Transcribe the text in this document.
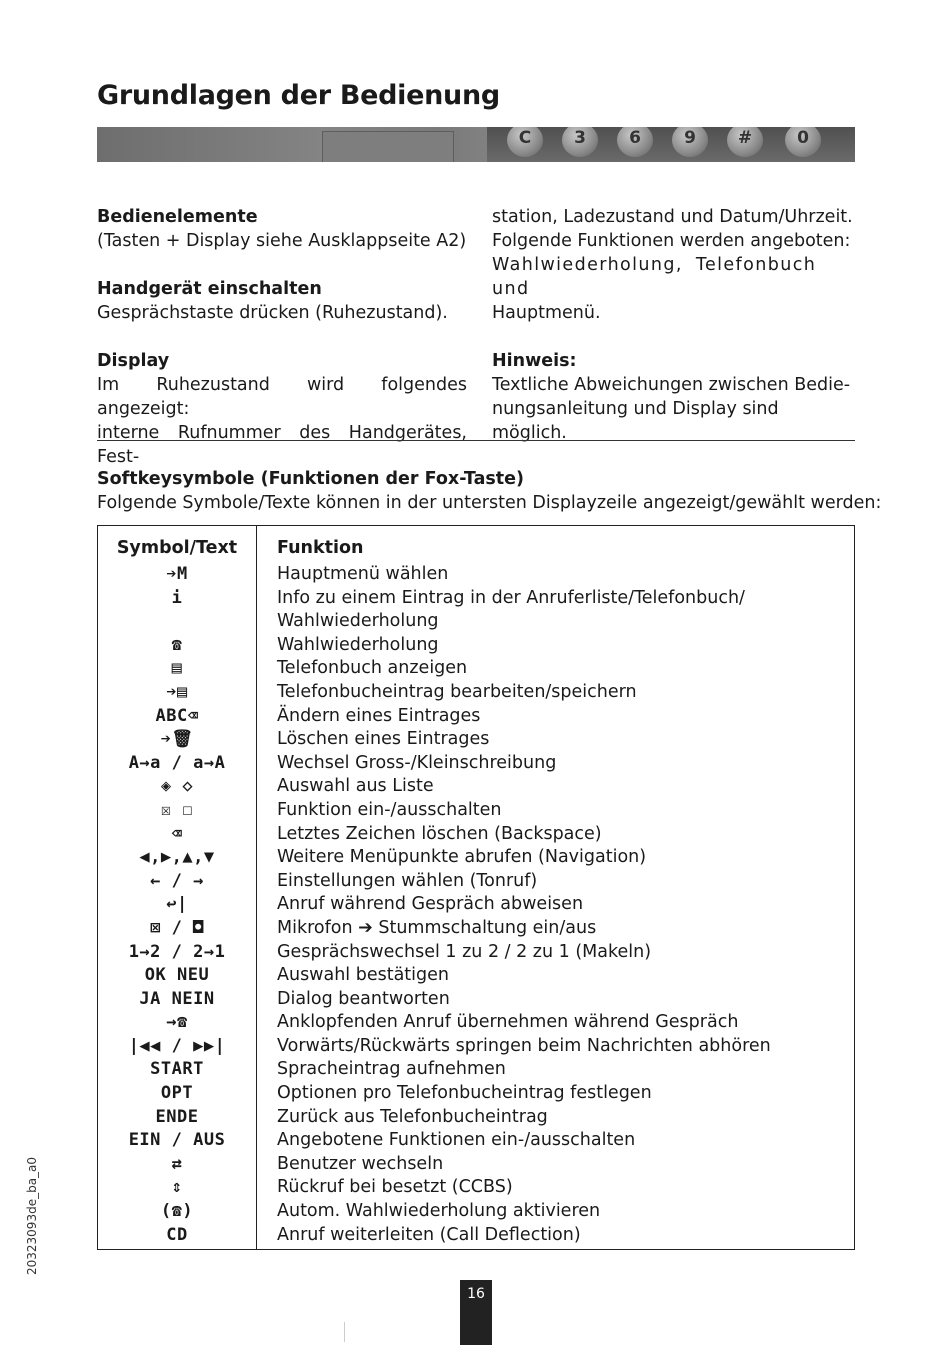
Grundlagen der Bedienung
C	3	6	9	#	0
Bedienelemente
(Tasten + Display siehe Ausklappseite A2)
Handgerät einschalten
Gesprächstaste drücken (Ruhezustand).
Display
Im Ruhezustand wird folgendes angezeigt:
interne Rufnummer des Handgerätes, Fest-
station, Ladezustand und Datum/Uhrzeit.
Folgende Funktionen werden angeboten:
Wahlwiederholung, Telefonbuch und
Hauptmenü.
Hinweis:
Textliche Abweichungen zwischen Bedie-
nungsanleitung und Display sind möglich.
Softkeysymbole (Funktionen der Fox-Taste)
Folgende Symbole/Texte können in der untersten Displayzeile angezeigt/gewählt werden:
Symbol/Text	Funktion
➔M	Hauptmenü wählen
i	Info zu einem Eintrag in der Anruferliste/Telefonbuch/
Wahlwiederholung
☎	Wahlwiederholung
▤	Telefonbuch anzeigen
➔▤	Telefonbucheintrag bearbeiten/speichern
ABC⌫	Ändern eines Eintrages
➔🗑	Löschen eines Eintrages
A→a / a→A	Wechsel Gross-/Kleinschreibung
◈ ◇	Auswahl aus Liste
☒ ☐	Funktion ein-/ausschalten
⌫	Letztes Zeichen löschen (Backspace)
◀,▶,▲,▼	Weitere Menüpunkte abrufen (Navigation)
← / →	Einstellungen wählen (Tonruf)
↩|	Anruf während Gespräch abweisen
⊠ / ◘	Mikrofon ➔ Stummschaltung ein/aus
1→2 / 2→1	Gesprächswechsel 1 zu 2 / 2 zu 1 (Makeln)
OK NEU	Auswahl bestätigen
JA NEIN	Dialog beantworten
→☎	Anklopfenden Anruf übernehmen während Gespräch
|◀◀ / ▶▶|	Vorwärts/Rückwärts springen beim Nachrichten abhören
START	Spracheintrag aufnehmen
OPT	Optionen pro Telefonbucheintrag festlegen
ENDE	Zurück aus Telefonbucheintrag
EIN / AUS	Angebotene Funktionen ein-/ausschalten
⇄	Benutzer wechseln
⇕	Rückruf bei besetzt (CCBS)
(☎)	Autom. Wahlwiederholung aktivieren
CD	Anruf weiterleiten (Call Deflection)
20323093de_ba_a0
16
